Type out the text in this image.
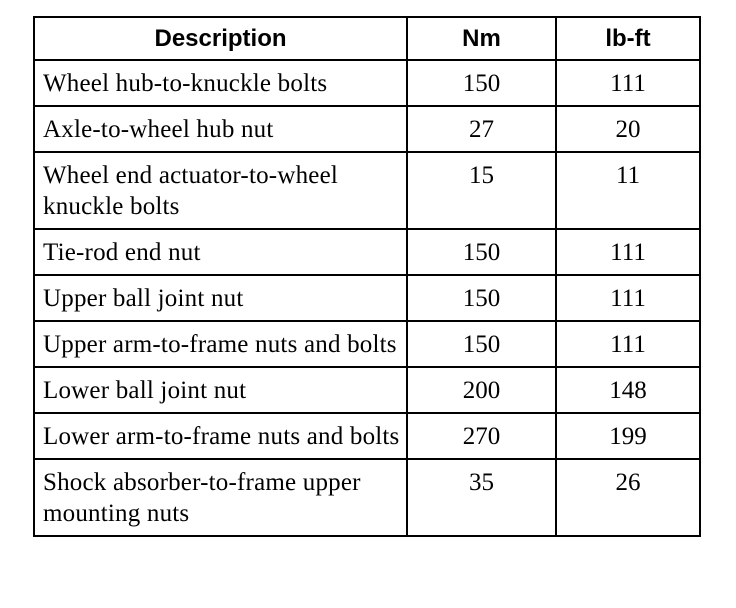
Description	Nm	lb-ft
Wheel hub-to-knuckle bolts	150	111
Axle-to-wheel hub nut	27	20
Wheel end actuator-to-wheel knuckle bolts	15	11
Tie-rod end nut	150	111
Upper ball joint nut	150	111
Upper arm-to-frame nuts and bolts	150	111
Lower ball joint nut	200	148
Lower arm-to-frame nuts and bolts	270	199
Shock absorber-to-frame upper mounting nuts	35	26
